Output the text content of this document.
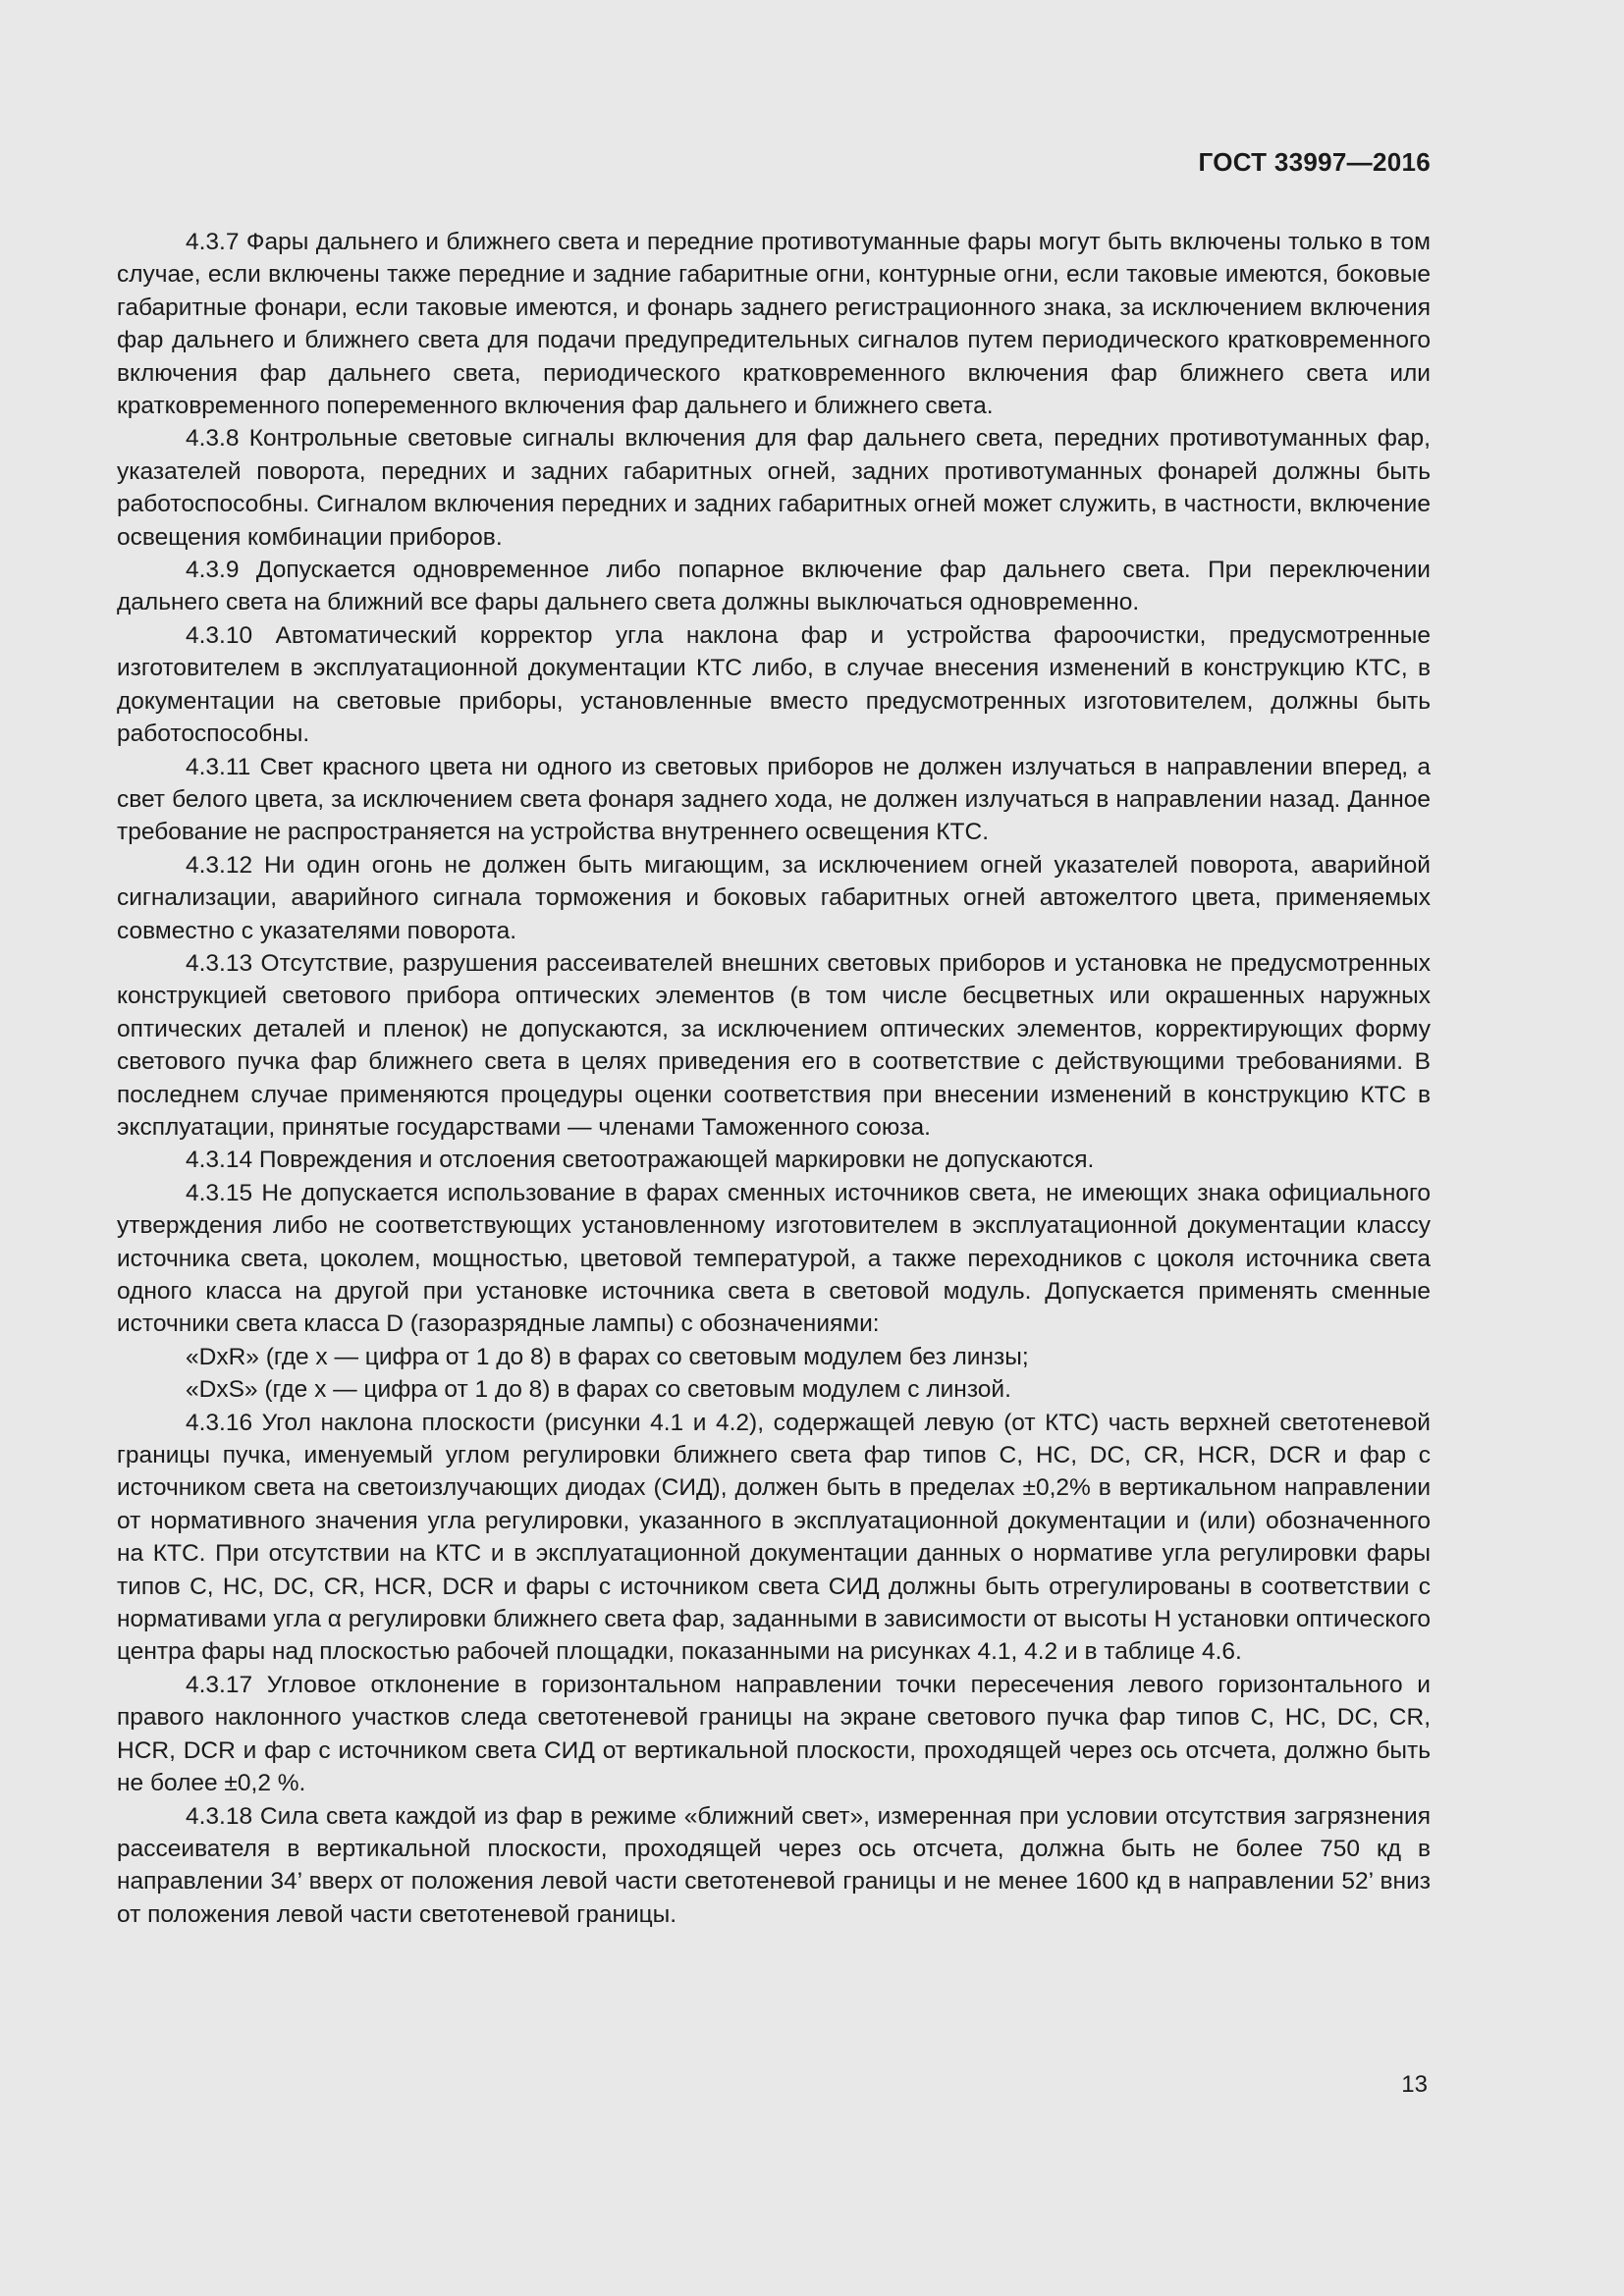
ГОСТ 33997—2016

4.3.7 Фары дальнего и ближнего света и передние противотуманные фары могут быть включены только в том случае, если включены также передние и задние габаритные огни, контурные огни, если таковые имеются, боковые габаритные фонари, если таковые имеются, и фонарь заднего регистрационного знака, за исключением включения фар дальнего и ближнего света для подачи предупредительных сигналов путем периодического кратковременного включения фар дальнего света, периодического кратковременного включения фар ближнего света или кратковременного попеременного включения фар дальнего и ближнего света.

4.3.8 Контрольные световые сигналы включения для фар дальнего света, передних противотуманных фар, указателей поворота, передних и задних габаритных огней, задних противотуманных фонарей должны быть работоспособны. Сигналом включения передних и задних габаритных огней может служить, в частности, включение освещения комбинации приборов.

4.3.9 Допускается одновременное либо попарное включение фар дальнего света. При переключении дальнего света на ближний все фары дальнего света должны выключаться одновременно.

4.3.10 Автоматический корректор угла наклона фар и устройства фароочистки, предусмотренные изготовителем в эксплуатационной документации КТС либо, в случае внесения изменений в конструкцию КТС, в документации на световые приборы, установленные вместо предусмотренных изготовителем, должны быть работоспособны.

4.3.11 Свет красного цвета ни одного из световых приборов не должен излучаться в направлении вперед, а свет белого цвета, за исключением света фонаря заднего хода, не должен излучаться в направлении назад. Данное требование не распространяется на устройства внутреннего освещения КТС.

4.3.12 Ни один огонь не должен быть мигающим, за исключением огней указателей поворота, аварийной сигнализации, аварийного сигнала торможения и боковых габаритных огней автожелтого цвета, применяемых совместно с указателями поворота.

4.3.13 Отсутствие, разрушения рассеивателей внешних световых приборов и установка не предусмотренных конструкцией светового прибора оптических элементов (в том числе бесцветных или окрашенных наружных оптических деталей и пленок) не допускаются, за исключением оптических элементов, корректирующих форму светового пучка фар ближнего света в целях приведения его в соответствие с действующими требованиями. В последнем случае применяются процедуры оценки соответствия при внесении изменений в конструкцию КТС в эксплуатации, принятые государствами — членами Таможенного союза.

4.3.14 Повреждения и отслоения светоотражающей маркировки не допускаются.

4.3.15 Не допускается использование в фарах сменных источников света, не имеющих знака официального утверждения либо не соответствующих установленному изготовителем в эксплуатационной документации классу источника света, цоколем, мощностью, цветовой температурой, а также переходников с цоколя источника света одного класса на другой при установке источника света в световой модуль. Допускается применять сменные источники света класса D (газоразрядные лампы) с обозначениями:

«DxR» (где x — цифра от 1 до 8) в фарах со световым модулем без линзы;

«DxS» (где x — цифра от 1 до 8) в фарах со световым модулем с линзой.

4.3.16 Угол наклона плоскости (рисунки 4.1 и 4.2), содержащей левую (от КТС) часть верхней светотеневой границы пучка, именуемый углом регулировки ближнего света фар типов С, НС, DC, CR, HCR, DCR и фар с источником света на светоизлучающих диодах (СИД), должен быть в пределах ±0,2% в вертикальном направлении от нормативного значения угла регулировки, указанного в эксплуатационной документации и (или) обозначенного на КТС. При отсутствии на КТС и в эксплуатационной документации данных о нормативе угла регулировки фары типов С, НС, DC, CR, HCR, DCR и фары с источником света СИД должны быть отрегулированы в соответствии с нормативами угла α регулировки ближнего света фар, заданными в зависимости от высоты Н установки оптического центра фары над плоскостью рабочей площадки, показанными на рисунках 4.1, 4.2 и в таблице 4.6.

4.3.17 Угловое отклонение в горизонтальном направлении точки пересечения левого горизонтального и правого наклонного участков следа светотеневой границы на экране светового пучка фар типов С, НС, DC, CR, HCR, DCR и фар с источником света СИД от вертикальной плоскости, проходящей через ось отсчета, должно быть не более ±0,2 %.

4.3.18 Сила света каждой из фар в режиме «ближний свет», измеренная при условии отсутствия загрязнения рассеивателя в вертикальной плоскости, проходящей через ось отсчета, должна быть не более 750 кд в направлении 34’ вверх от положения левой части светотеневой границы и не менее 1600 кд в направлении 52’ вниз от положения левой части светотеневой границы.

13
